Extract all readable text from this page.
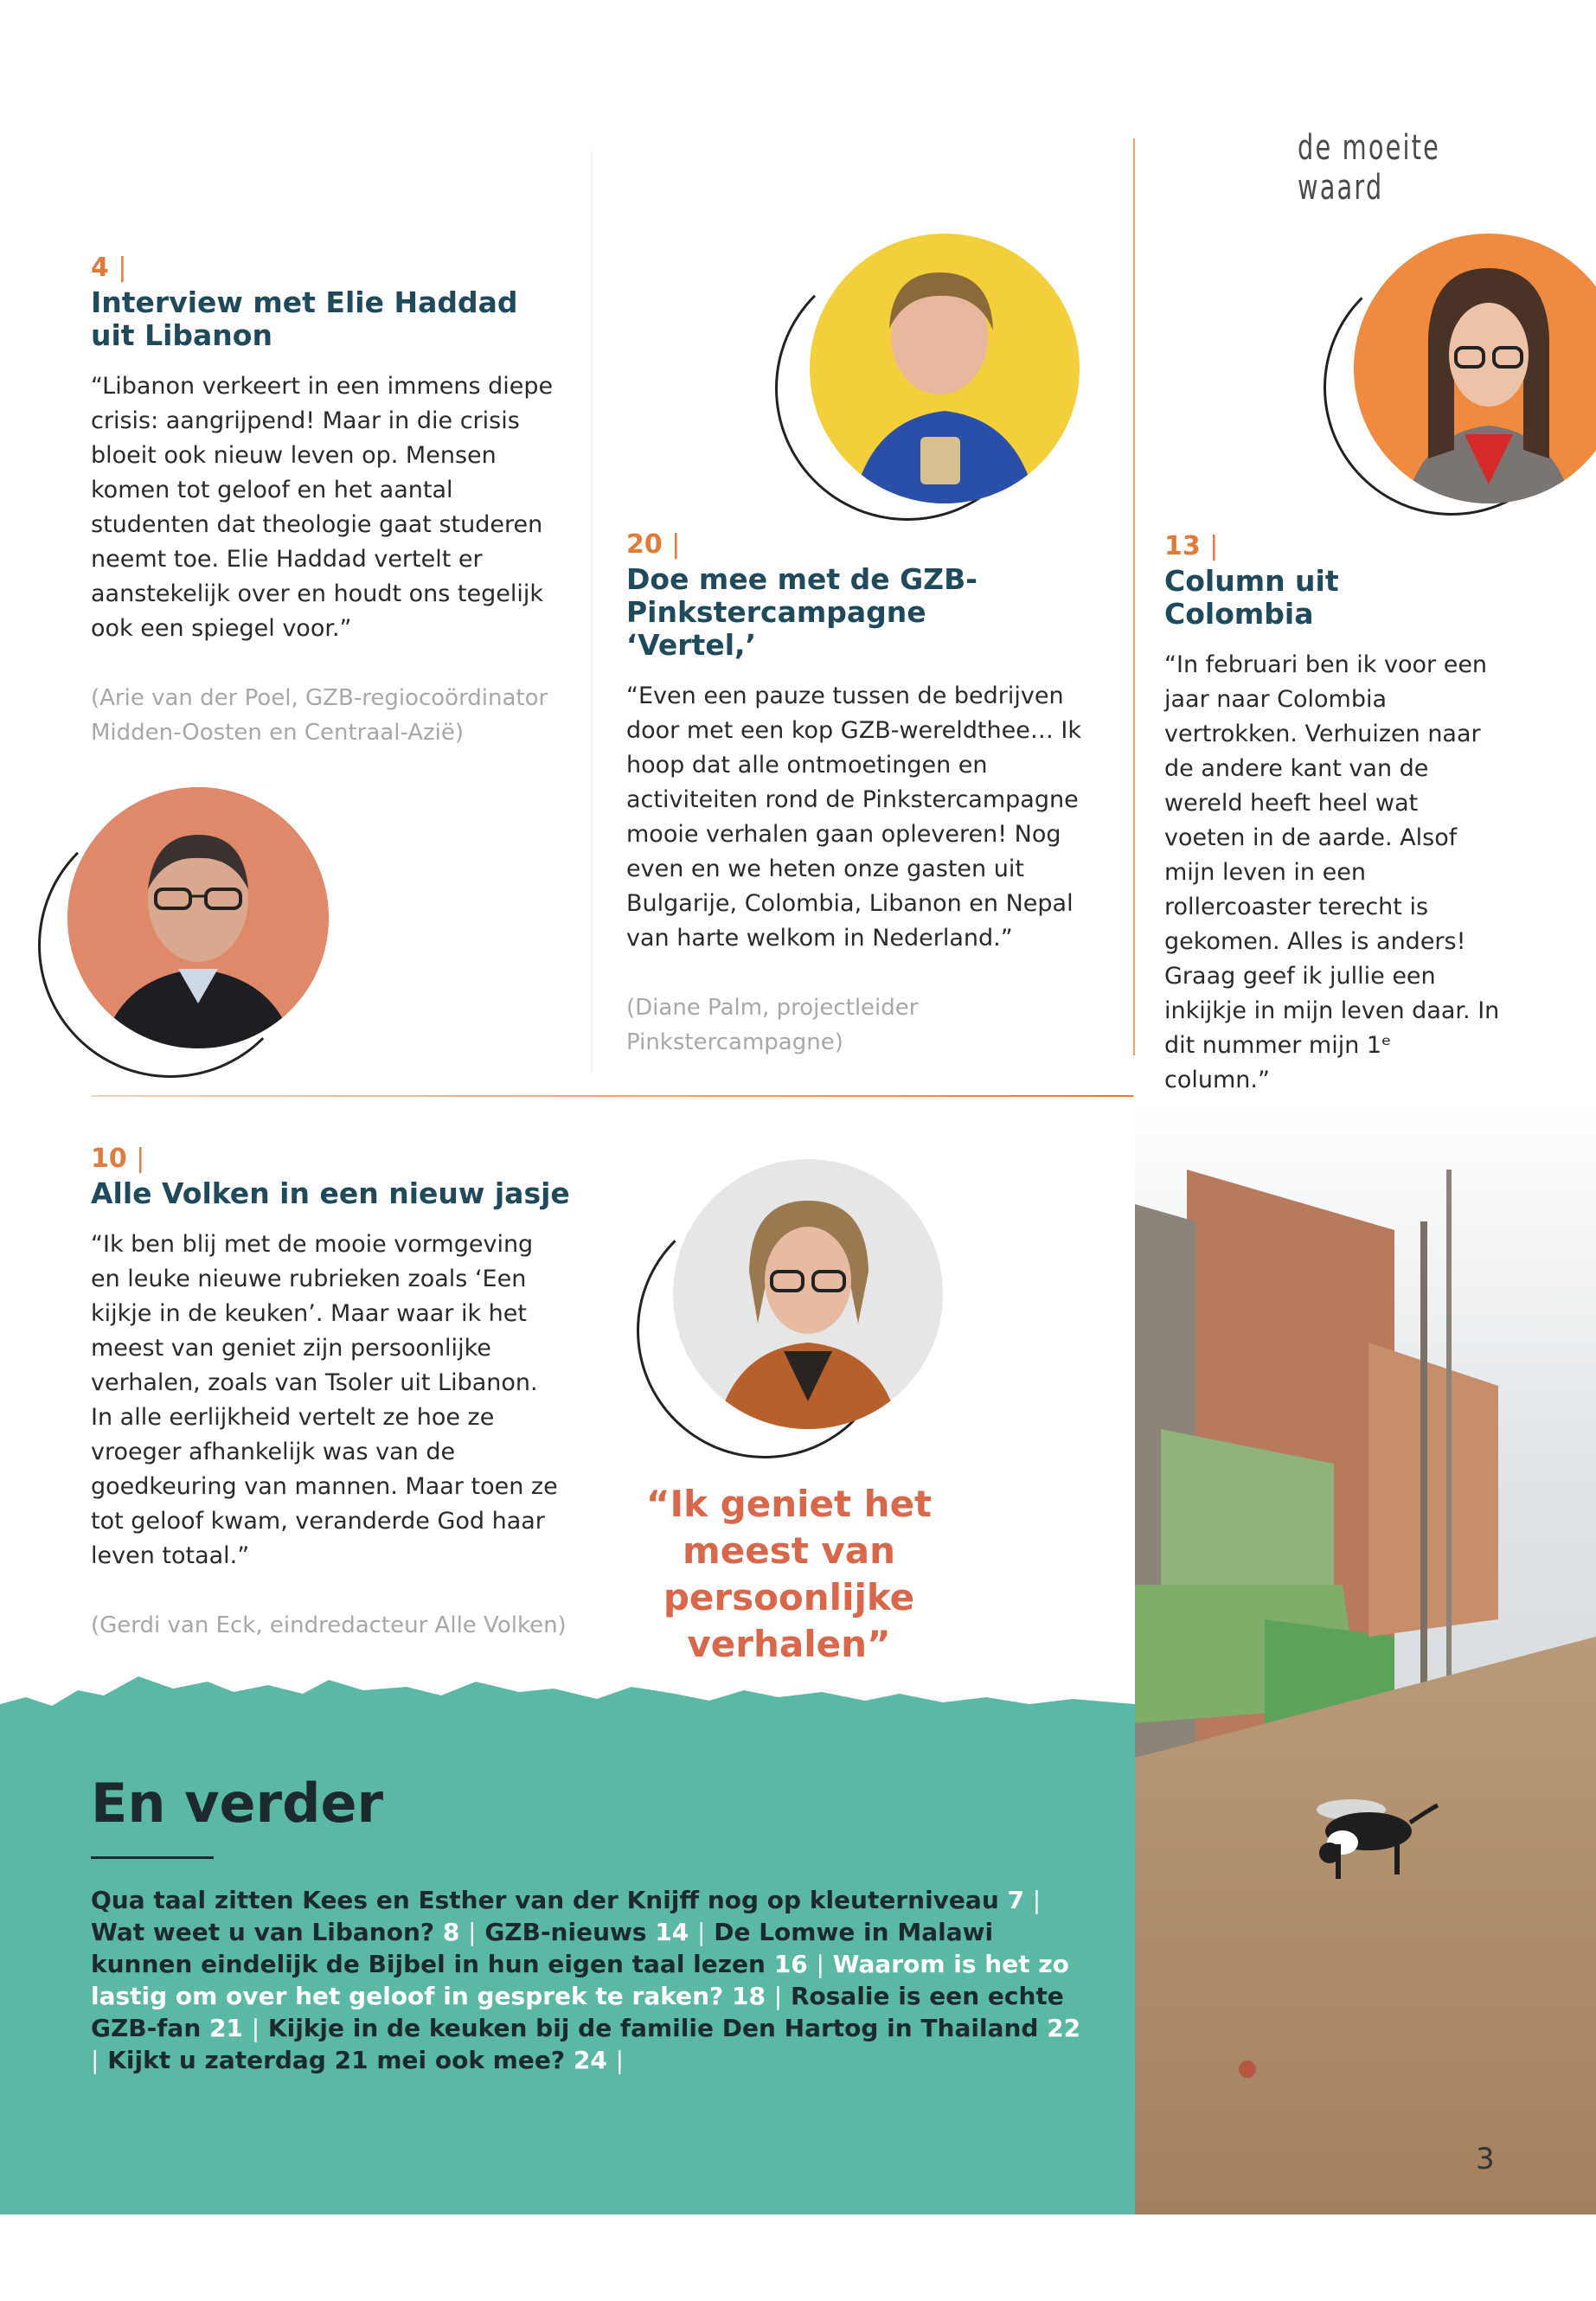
de moeite waard
4 |
Interview met Elie Haddad uit Libanon
“Libanon verkeert in een immens diepe crisis: aangrijpend! Maar in die crisis bloeit ook nieuw leven op. Mensen komen tot geloof en het aantal studenten dat theologie gaat studeren neemt toe. Elie Haddad vertelt er aanstekelijk over en houdt ons tegelijk ook een spiegel voor.”
(Arie van der Poel, GZB-regiocoördinator Midden-Oosten en Centraal-Azië)
20 |
Doe mee met de GZB-Pinkstercampagne ‘Vertel,’
“Even een pauze tussen de bedrijven door met een kop GZB-wereldthee… Ik hoop dat alle ontmoetingen en activiteiten rond de Pinkstercampagne mooie verhalen gaan opleveren! Nog even en we heten onze gasten uit Bulgarije, Colombia, Libanon en Nepal van harte welkom in Nederland.”
(Diane Palm, projectleider Pinkstercampagne)
13 |
Column uit Colombia
“In februari ben ik voor een jaar naar Colombia vertrokken. Verhuizen naar de andere kant van de wereld heeft heel wat voeten in de aarde. Alsof mijn leven in een rollercoaster terecht is gekomen. Alles is anders! Graag geef ik jullie een inkijkje in mijn leven daar. In dit nummer mijn 1ᵉ column.”
10 |
Alle Volken in een nieuw jasje
“Ik ben blij met de mooie vormgeving en leuke nieuwe rubrieken zoals ‘Een kijkje in de keuken’. Maar waar ik het meest van geniet zijn persoonlijke verhalen, zoals van Tsoler uit Libanon. In alle eerlijkheid vertelt ze hoe ze vroeger afhankelijk was van de goedkeuring van mannen. Maar toen ze tot geloof kwam, veranderde God haar leven totaal.”
(Gerdi van Eck, eindredacteur Alle Volken)
“Ik geniet het meest van persoonlijke verhalen”
En verder
Qua taal zitten Kees en Esther van der Knijff nog op kleuterniveau 7 | Wat weet u van Libanon? 8 | GZB-nieuws 14 | De Lomwe in Malawi kunnen eindelijk de Bijbel in hun eigen taal lezen 16 | Waarom is het zo lastig om over het geloof in gesprek te raken? 18 | Rosalie is een echte GZB-fan 21 | Kijkje in de keuken bij de familie Den Hartog in Thailand 22 | Kijkt u zaterdag 21 mei ook mee? 24 |
3
